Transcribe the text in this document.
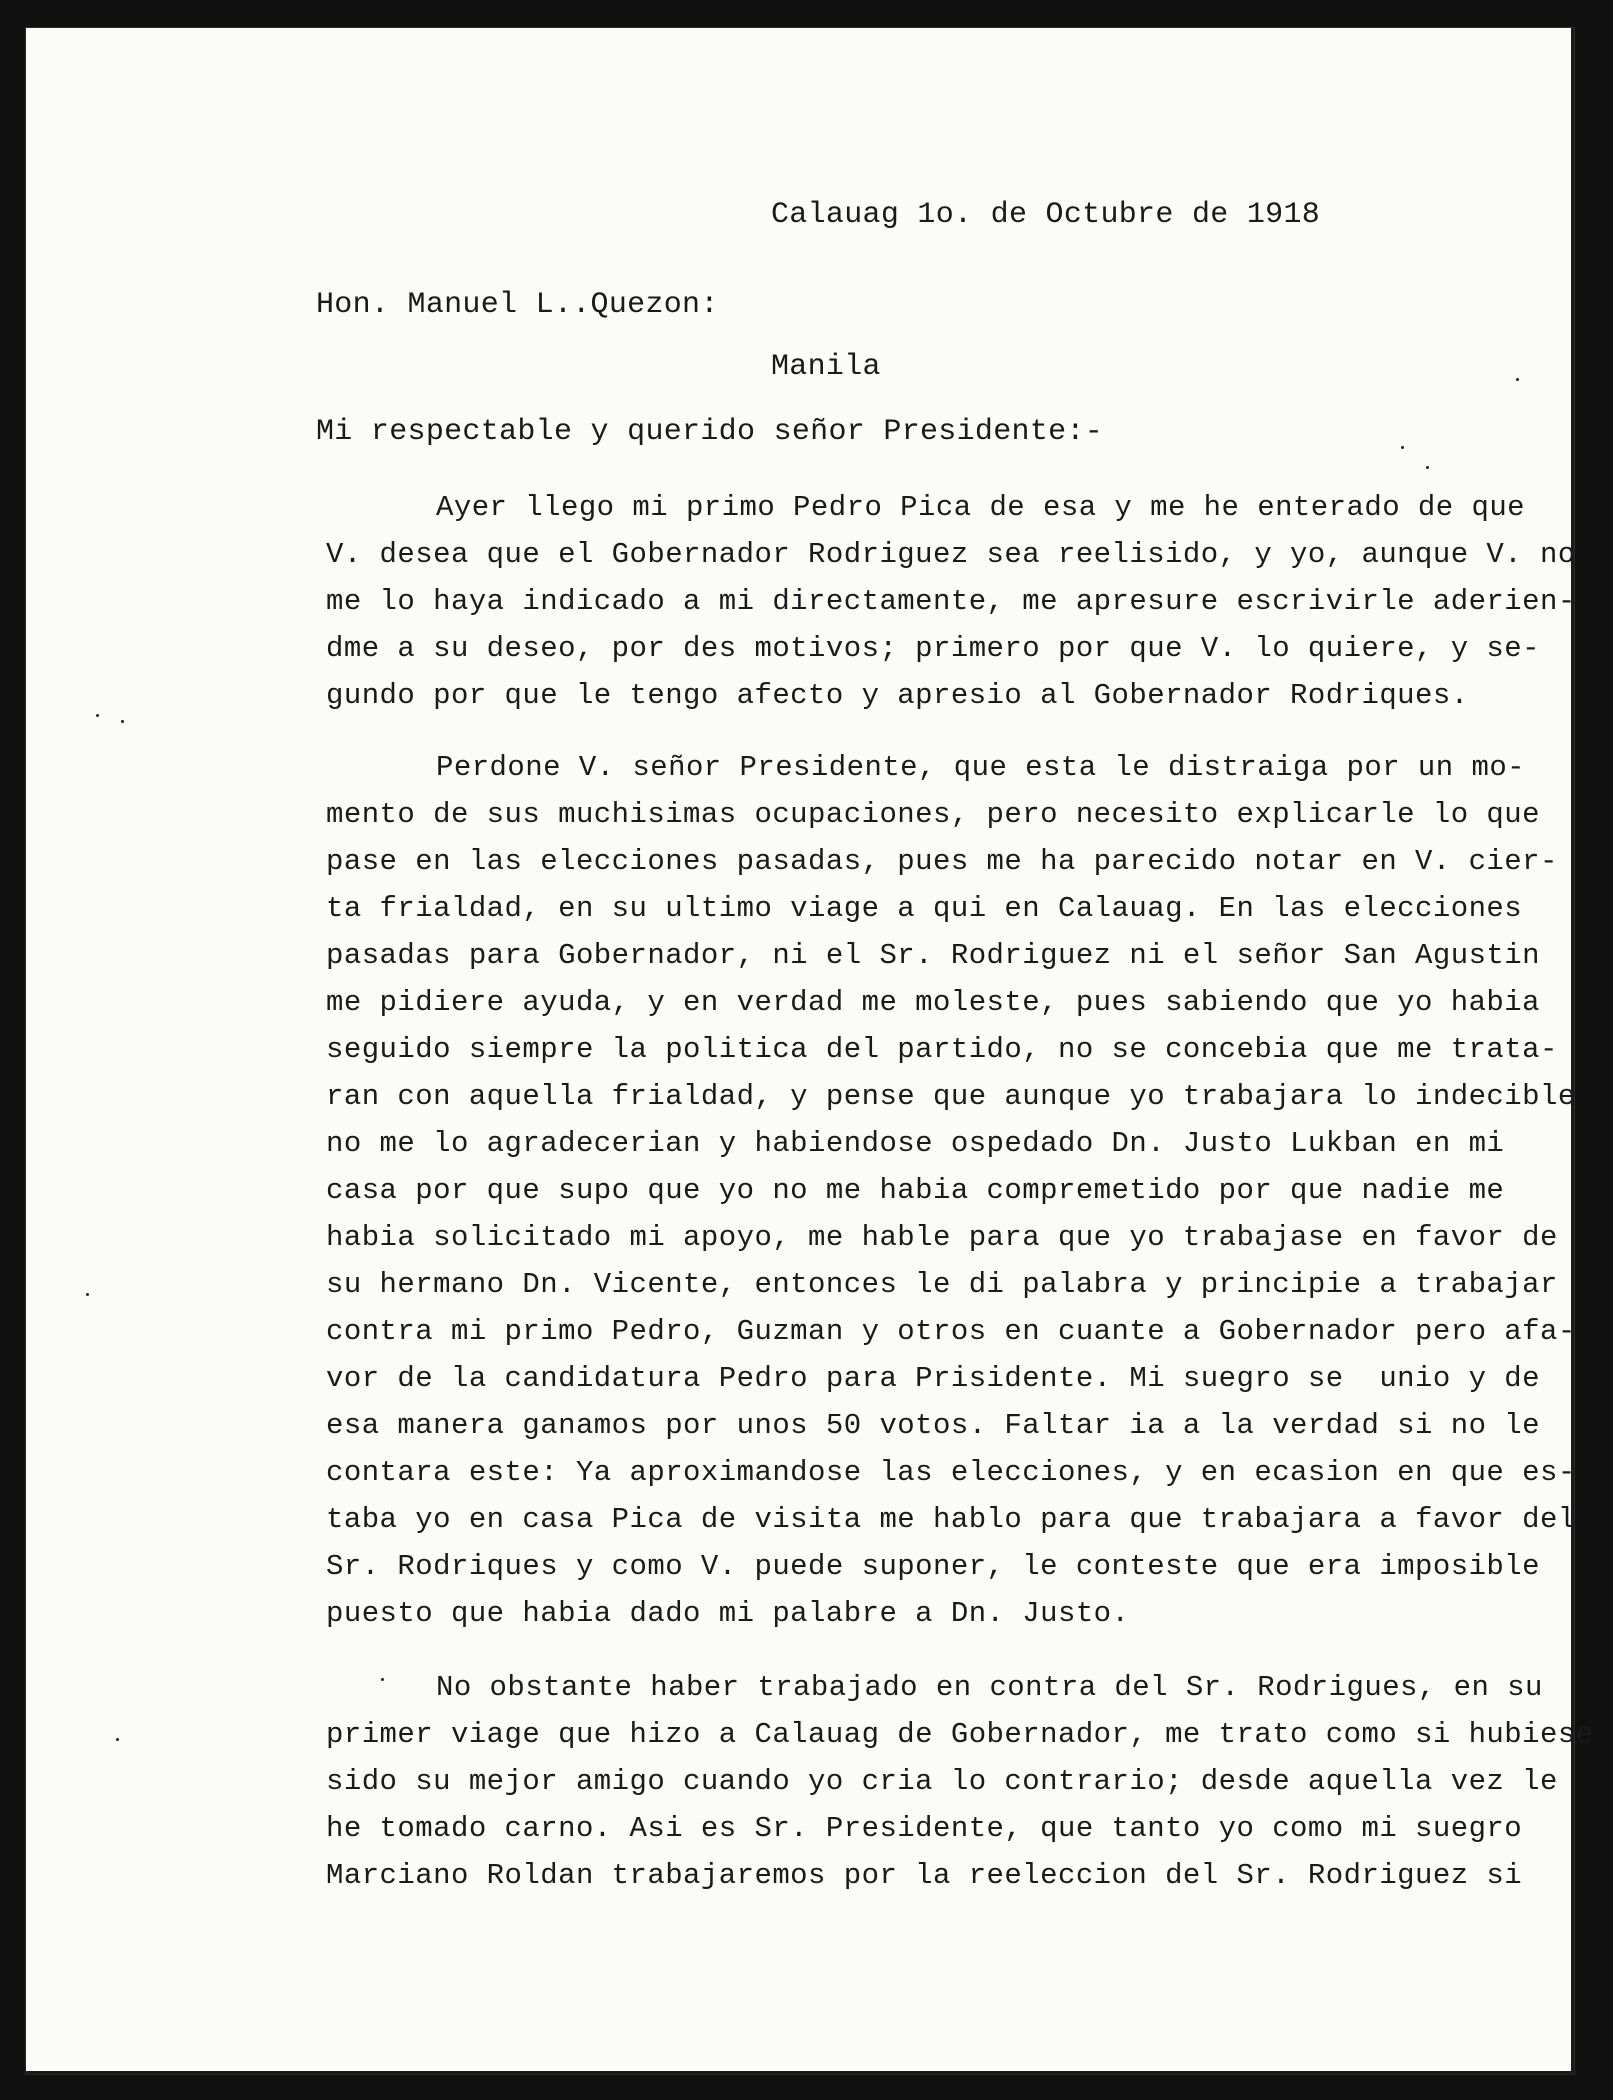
Calauag 1o. de Octubre de 1918
Hon. Manuel L..Quezon:
Manila
Mi respectable y querido señor Presidente:-
Ayer llego mi primo Pedro Pica de esa y me he enterado de que
V. desea que el Gobernador Rodriguez sea reelisido, y yo, aunque V. no
me lo haya indicado a mi directamente, me apresure escrivirle aderien-
dme a su deseo, por des motivos; primero por que V. lo quiere, y se-
gundo por que le tengo afecto y apresio al Gobernador Rodriques.
Perdone V. señor Presidente, que esta le distraiga por un mo-
mento de sus muchisimas ocupaciones, pero necesito explicarle lo que
pase en las elecciones pasadas, pues me ha parecido notar en V. cier-
ta frialdad, en su ultimo viage a qui en Calauag. En las elecciones
pasadas para Gobernador, ni el Sr. Rodriguez ni el señor San Agustin
me pidiere ayuda, y en verdad me moleste, pues sabiendo que yo habia
seguido siempre la politica del partido, no se concebia que me trata-
ran con aquella frialdad, y pense que aunque yo trabajara lo indecible
no me lo agradecerian y habiendose ospedado Dn. Justo Lukban en mi
casa por que supo que yo no me habia compremetido por que nadie me
habia solicitado mi apoyo, me hable para que yo trabajase en favor de
su hermano Dn. Vicente, entonces le di palabra y principie a trabajar
contra mi primo Pedro, Guzman y otros en cuante a Gobernador pero afa-
vor de la candidatura Pedro para Prisidente. Mi suegro se  unio y de
esa manera ganamos por unos 50 votos. Faltar ia a la verdad si no le
contara este: Ya aproximandose las elecciones, y en ecasion en que es-
taba yo en casa Pica de visita me hablo para que trabajara a favor del
Sr. Rodriques y como V. puede suponer, le conteste que era imposible
puesto que habia dado mi palabre a Dn. Justo.
No obstante haber trabajado en contra del Sr. Rodrigues, en su
primer viage que hizo a Calauag de Gobernador, me trato como si hubiese
sido su mejor amigo cuando yo cria lo contrario; desde aquella vez le
he tomado carno. Asi es Sr. Presidente, que tanto yo como mi suegro
Marciano Roldan trabajaremos por la reeleccion del Sr. Rodriguez si
